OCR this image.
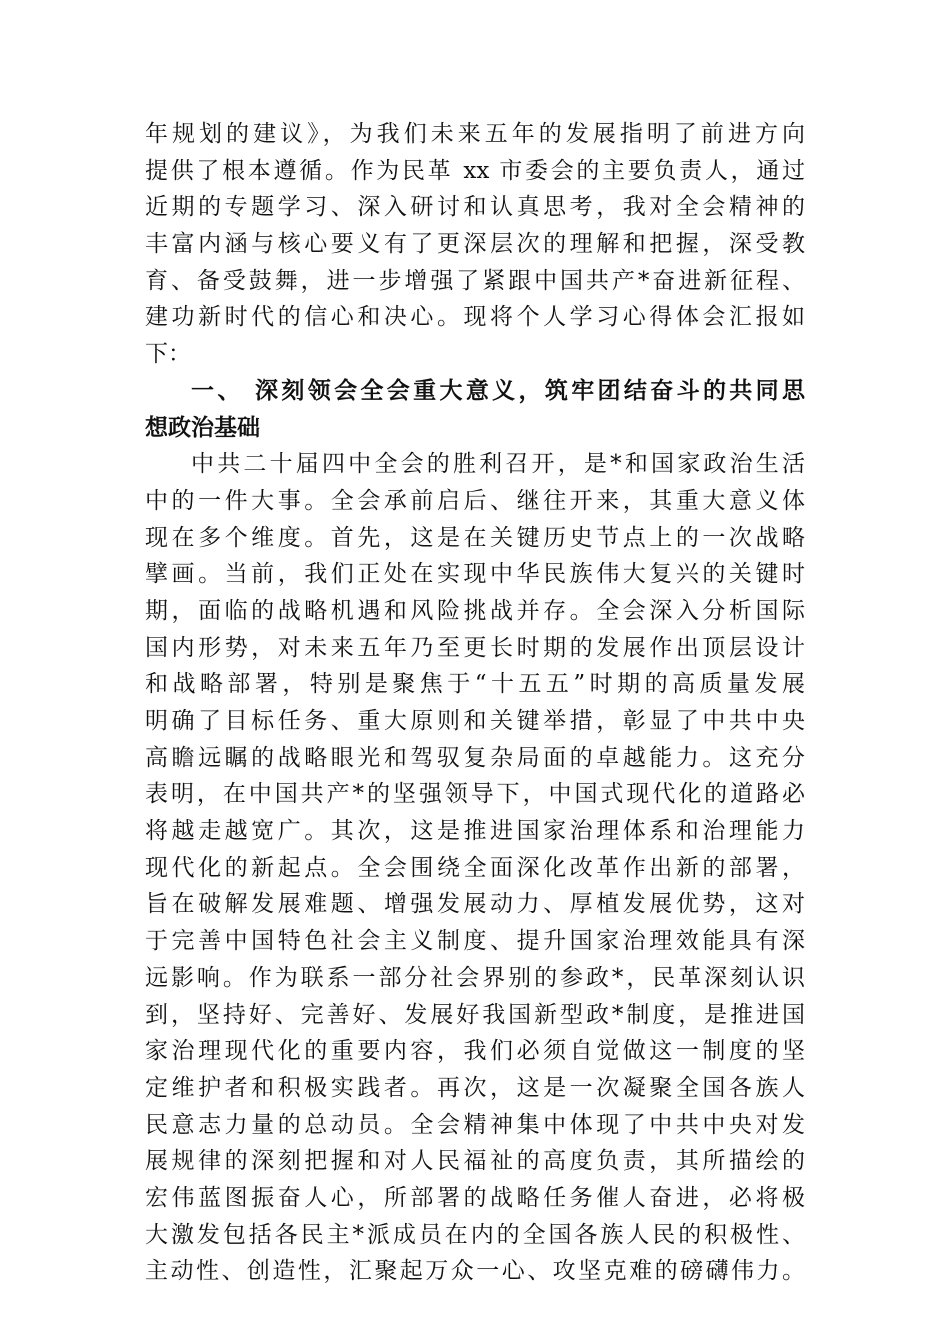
年规划的建议》，为我们未来五年的发展指明了前进方向
提供了根本遵循。作为民革 xx 市委会的主要负责人，通过
近期的专题学习、深入研讨和认真思考，我对全会精神的
丰富内涵与核心要义有了更深层次的理解和把握，深受教
育、备受鼓舞，进一步增强了紧跟中国共产*奋进新征程、
建功新时代的信心和决心。现将个人学习心得体会汇报如
下：
一、 深刻领会全会重大意义，筑牢团结奋斗的共同思
想政治基础
中共二十届四中全会的胜利召开，是*和国家政治生活
中的一件大事。全会承前启后、继往开来，其重大意义体
现在多个维度。首先，这是在关键历史节点上的一次战略
擘画。当前，我们正处在实现中华民族伟大复兴的关键时
期，面临的战略机遇和风险挑战并存。全会深入分析国际
国内形势，对未来五年乃至更长时期的发展作出顶层设计
和战略部署，特别是聚焦于“十五五”时期的高质量发展
明确了目标任务、重大原则和关键举措，彰显了中共中央
高瞻远瞩的战略眼光和驾驭复杂局面的卓越能力。这充分
表明，在中国共产*的坚强领导下，中国式现代化的道路必
将越走越宽广。其次，这是推进国家治理体系和治理能力
现代化的新起点。全会围绕全面深化改革作出新的部署，
旨在破解发展难题、增强发展动力、厚植发展优势，这对
于完善中国特色社会主义制度、提升国家治理效能具有深
远影响。作为联系一部分社会界别的参政*，民革深刻认识
到，坚持好、完善好、发展好我国新型政*制度，是推进国
家治理现代化的重要内容，我们必须自觉做这一制度的坚
定维护者和积极实践者。再次，这是一次凝聚全国各族人
民意志力量的总动员。全会精神集中体现了中共中央对发
展规律的深刻把握和对人民福祉的高度负责，其所描绘的
宏伟蓝图振奋人心，所部署的战略任务催人奋进，必将极
大激发包括各民主*派成员在内的全国各族人民的积极性、
主动性、创造性，汇聚起万众一心、攻坚克难的磅礴伟力。
